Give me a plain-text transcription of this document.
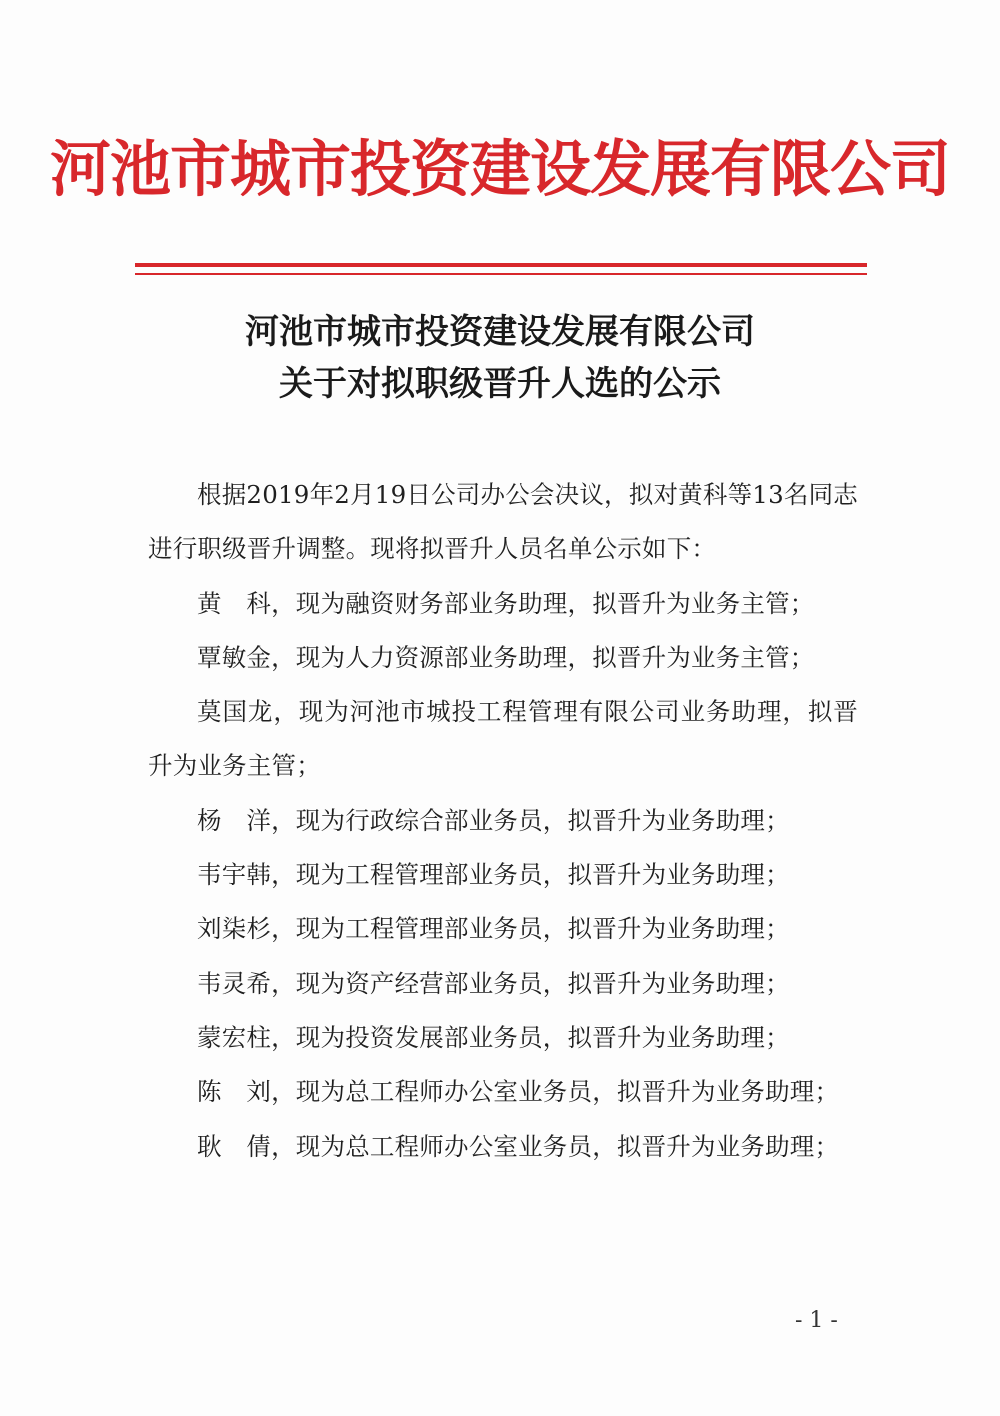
河池市城市投资建设发展有限公司
河池市城市投资建设发展有限公司
关于对拟职级晋升人选的公示

根据2019年2月19日公司办公会决议，拟对黄科等13名同志进行职级晋升调整。现将拟晋升人员名单公示如下：

黄　科，现为融资财务部业务助理，拟晋升为业务主管；

覃敏金，现为人力资源部业务助理，拟晋升为业务主管；

莫国龙，现为河池市城投工程管理有限公司业务助理，拟晋升为业务主管；

杨　洋，现为行政综合部业务员，拟晋升为业务助理；

韦宇韩，现为工程管理部业务员，拟晋升为业务助理；

刘柒杉，现为工程管理部业务员，拟晋升为业务助理；

韦灵希，现为资产经营部业务员，拟晋升为业务助理；

蒙宏柱，现为投资发展部业务员，拟晋升为业务助理；

陈　刘，现为总工程师办公室业务员，拟晋升为业务助理；

耿　倩，现为总工程师办公室业务员，拟晋升为业务助理；

- 1 -
